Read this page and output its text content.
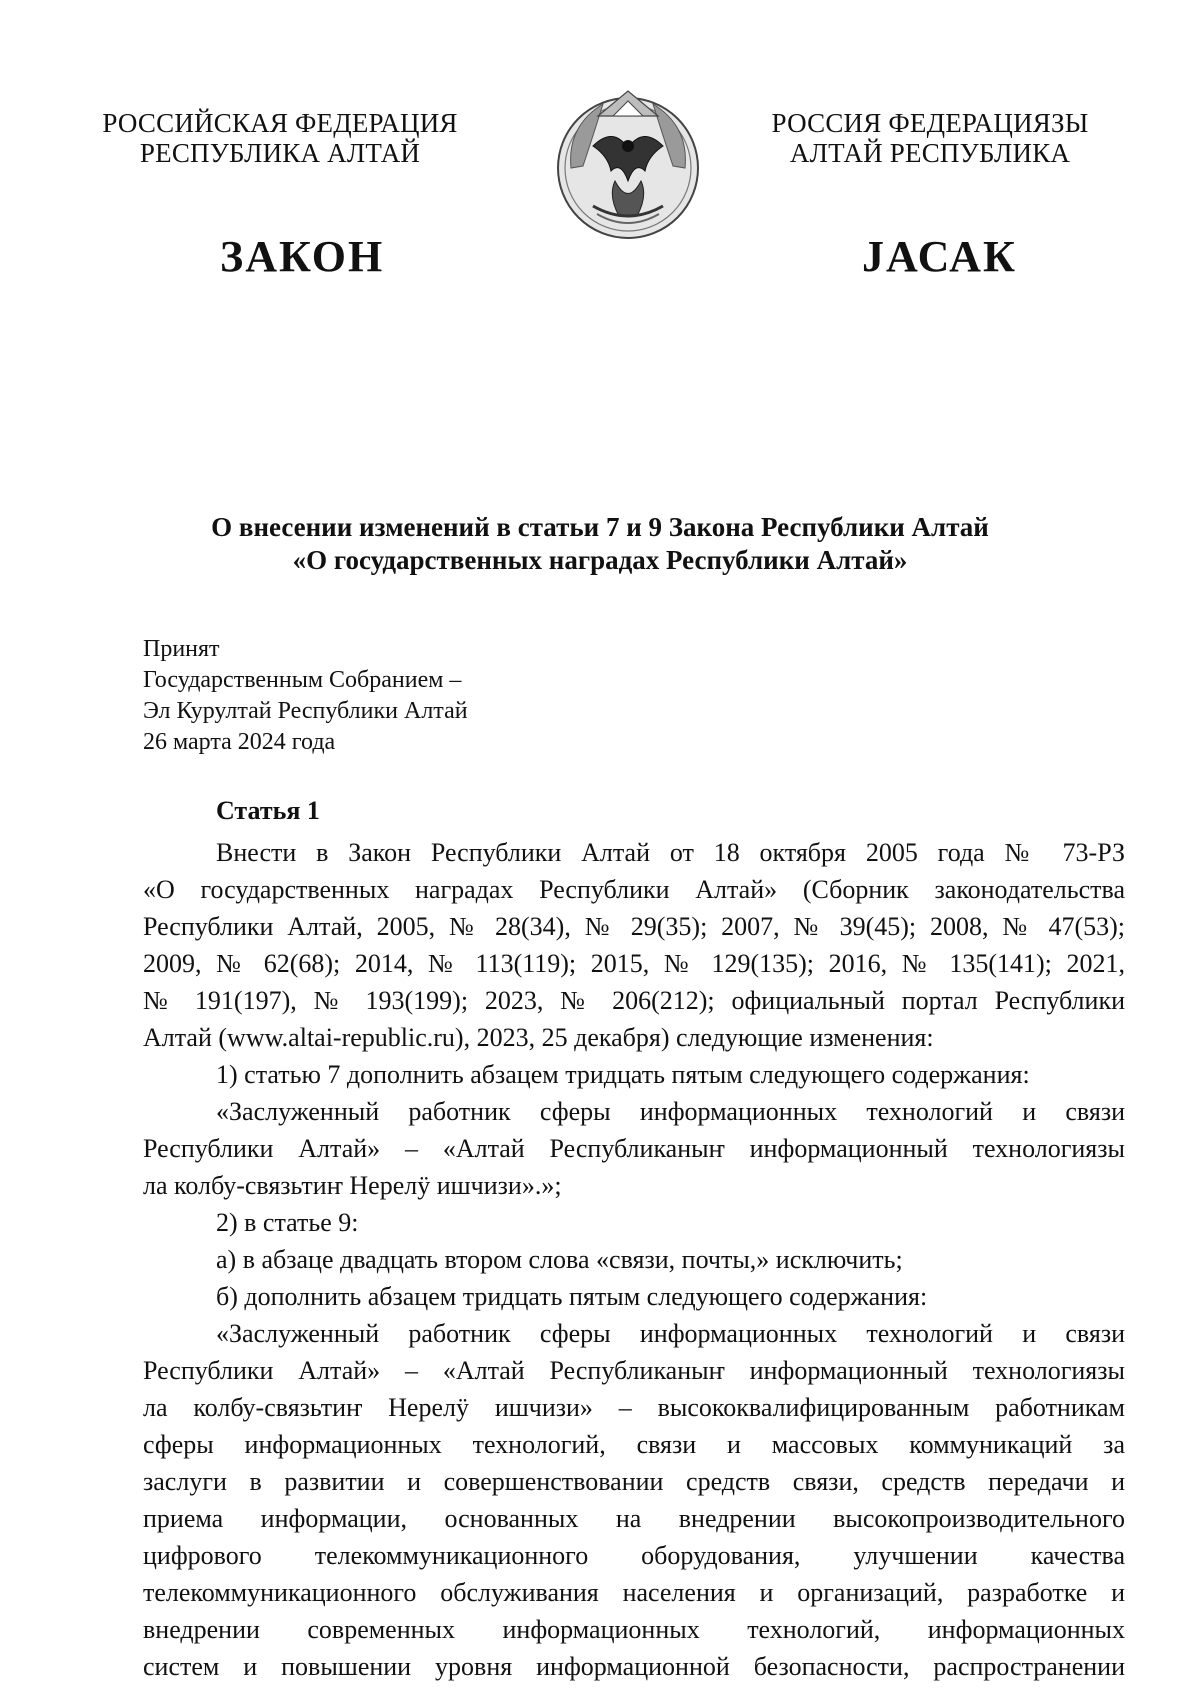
РОССИЙСКАЯ ФЕДЕРАЦИЯ
РЕСПУБЛИКА АЛТАЙ
РОССИЯ ФЕДЕРАЦИЯЗЫ
АЛТАЙ РЕСПУБЛИКА
ЗАКОН	ЈАСАК
О внесении изменений в статьи 7 и 9 Закона Республики Алтай
«О государственных наградах Республики Алтай»
Принят
Государственным Собранием –
Эл Курултай Республики Алтай
26 марта 2024 года
Статья 1

Внести в Закон Республики Алтай от 18 октября 2005 года № 73-РЗ

«О государственных наградах Республики Алтай» (Сборник законодательства

Республики Алтай, 2005, № 28(34), № 29(35); 2007, № 39(45); 2008, № 47(53);

2009, № 62(68); 2014, № 113(119); 2015, № 129(135); 2016, № 135(141); 2021,

№ 191(197), № 193(199); 2023, № 206(212); официальный портал Республики

Алтай (www.altai-republic.ru), 2023, 25 декабря) следующие изменения:

1) статью 7 дополнить абзацем тридцать пятым следующего содержания:

«Заслуженный работник сферы информационных технологий и связи

Республики Алтай» – «Алтай Республиканыҥ информационный технологиязы

ла колбу-связьтиҥ Нерелӱ ишчизи».»;

2) в статье 9:

а) в абзаце двадцать втором слова «связи, почты,» исключить;

б) дополнить абзацем тридцать пятым следующего содержания:

«Заслуженный работник сферы информационных технологий и связи

Республики Алтай» – «Алтай Республиканыҥ информационный технологиязы

ла колбу-связьтиҥ Нерелӱ ишчизи» – высококвалифицированным работникам

сферы информационных технологий, связи и массовых коммуникаций за

заслуги в развитии и совершенствовании средств связи, средств передачи и

приема информации, основанных на внедрении высокопроизводительного

цифрового телекоммуникационного оборудования, улучшении качества

телекоммуникационного обслуживания населения и организаций, разработке и

внедрении современных информационных технологий, информационных

систем и повышении уровня информационной безопасности, распространении
